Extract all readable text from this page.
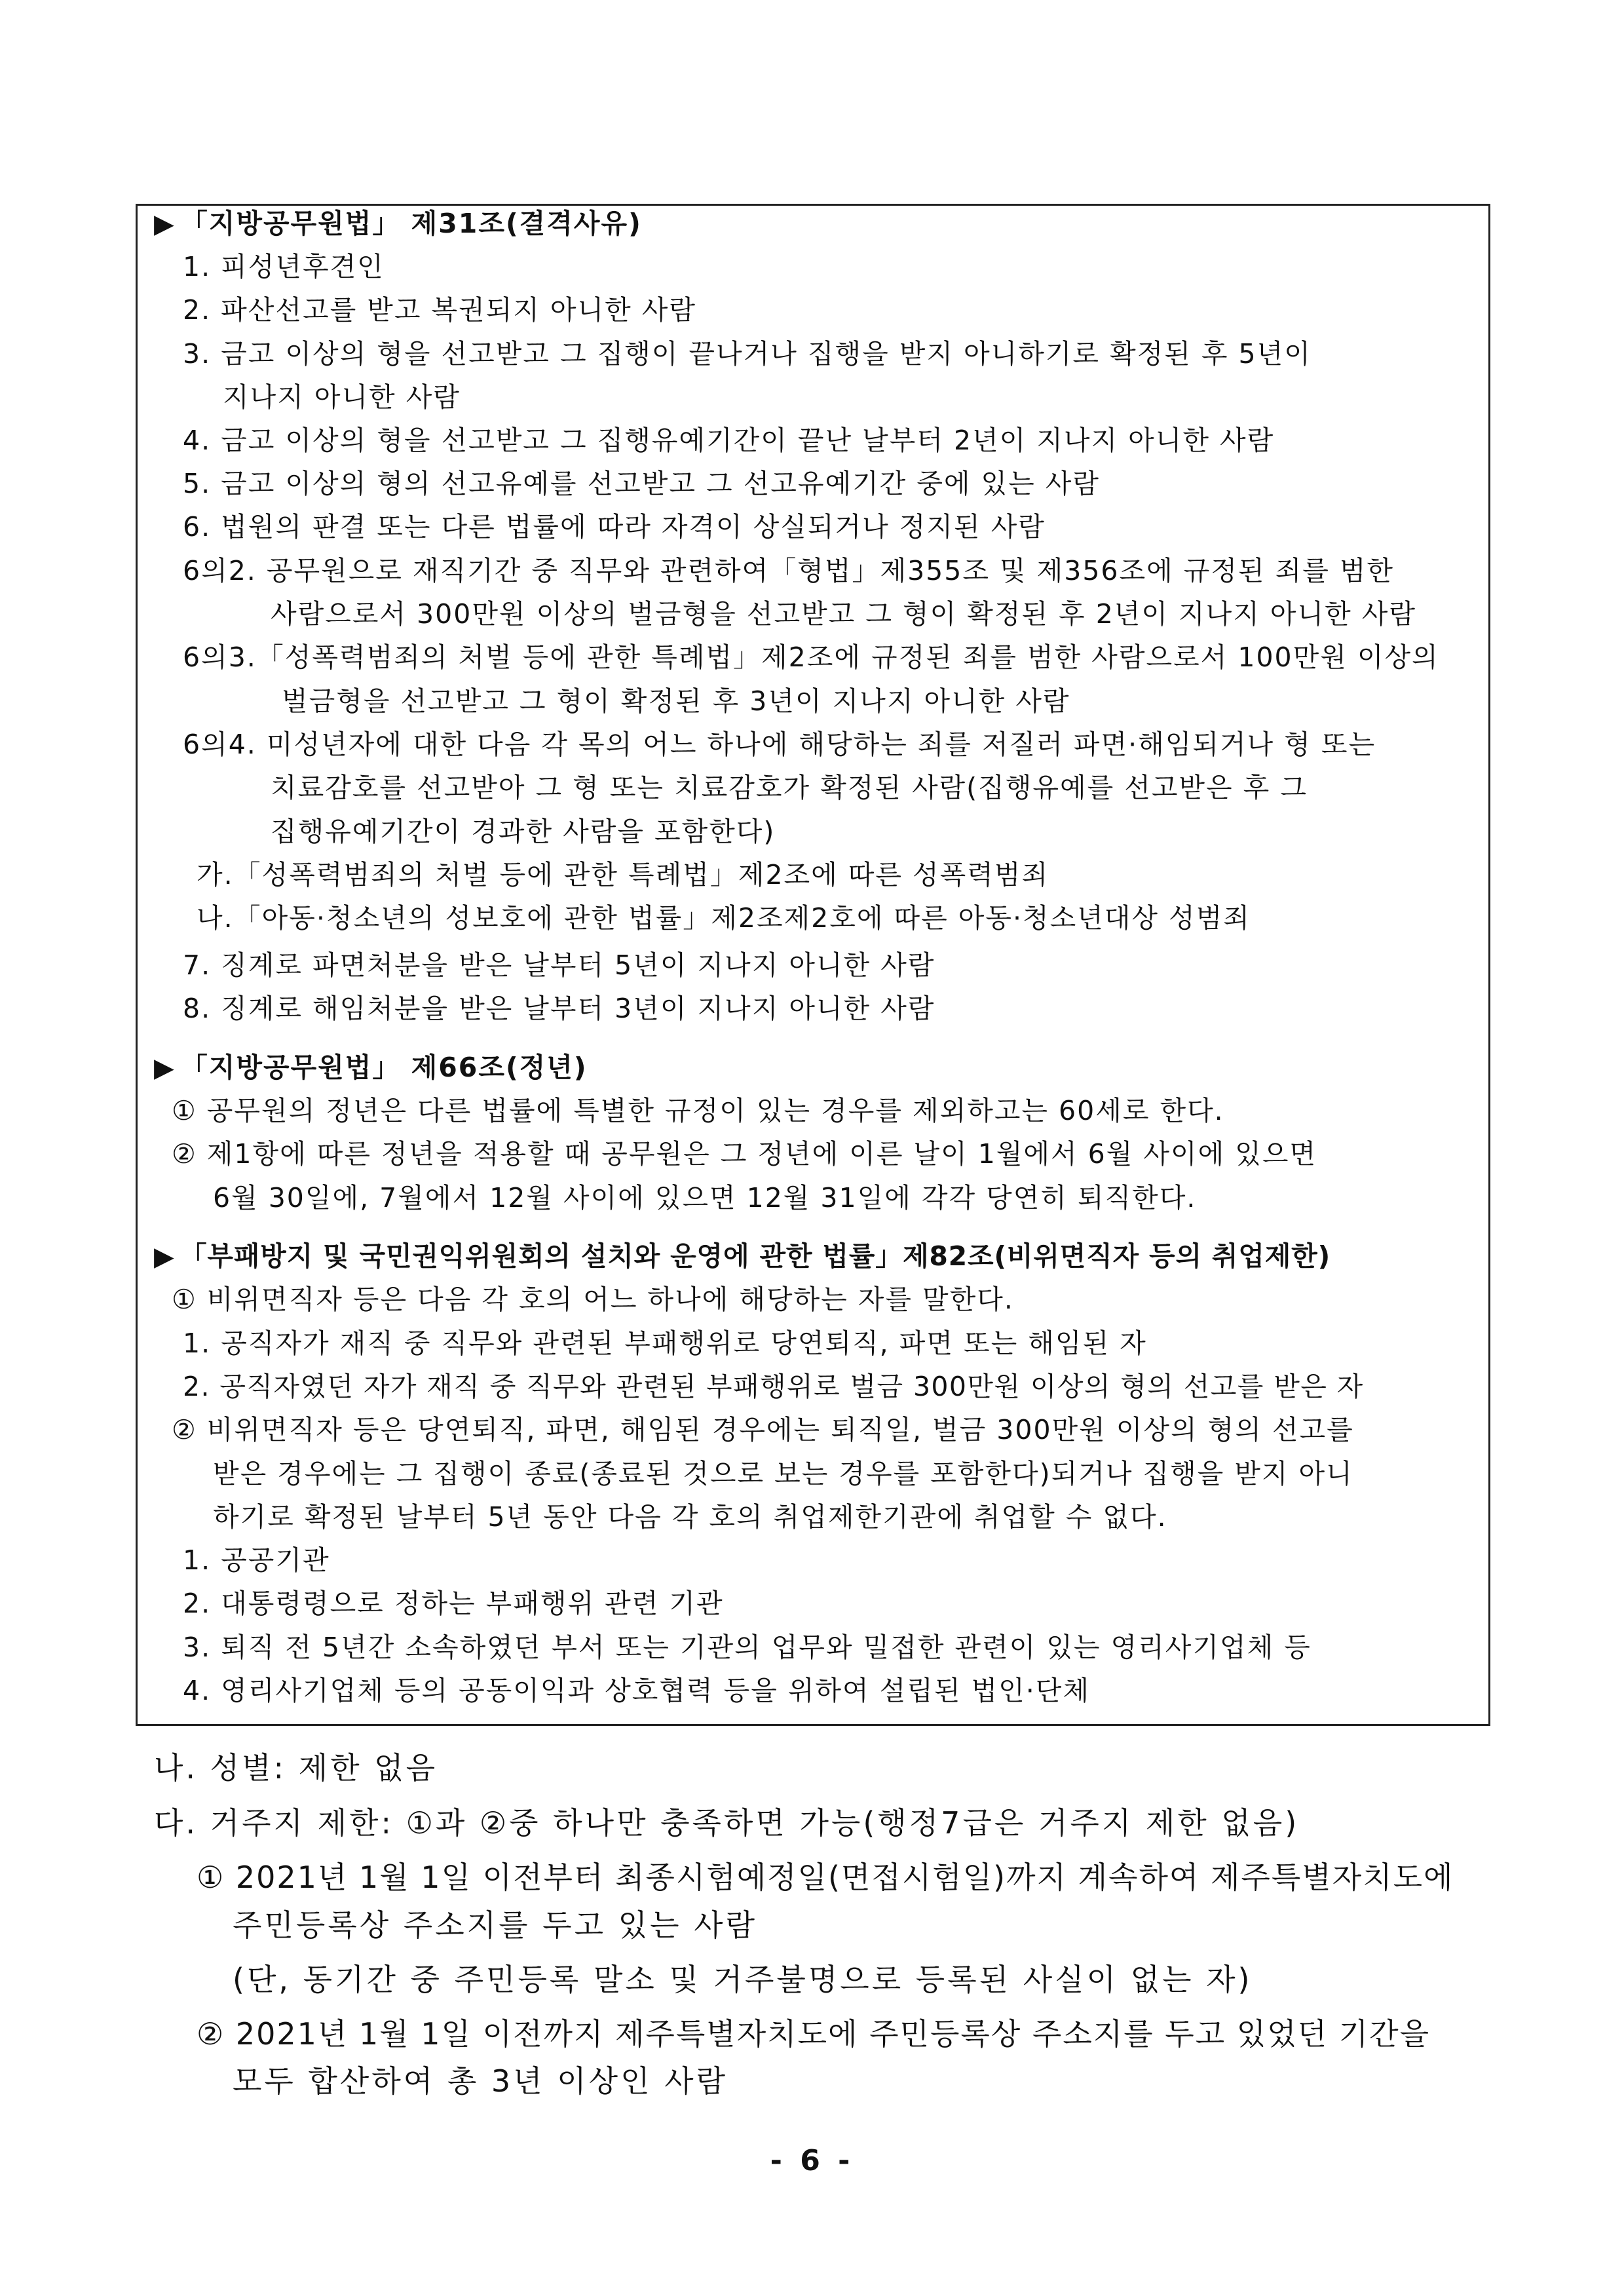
▶ 「지방공무원법」 제31조(결격사유)
1. 피성년후견인
2. 파산선고를 받고 복권되지 아니한 사람
3. 금고 이상의 형을 선고받고 그 집행이 끝나거나 집행을 받지 아니하기로 확정된 후 5년이
지나지 아니한 사람
4. 금고 이상의 형을 선고받고 그 집행유예기간이 끝난 날부터 2년이 지나지 아니한 사람
5. 금고 이상의 형의 선고유예를 선고받고 그 선고유예기간 중에 있는 사람
6. 법원의 판결 또는 다른 법률에 따라 자격이 상실되거나 정지된 사람
6의2. 공무원으로 재직기간 중 직무와 관련하여「형법」제355조 및 제356조에 규정된 죄를 범한
사람으로서 300만원 이상의 벌금형을 선고받고 그 형이 확정된 후 2년이 지나지 아니한 사람
6의3.「성폭력범죄의 처벌 등에 관한 특례법」제2조에 규정된 죄를 범한 사람으로서 100만원 이상의
벌금형을 선고받고 그 형이 확정된 후 3년이 지나지 아니한 사람
6의4. 미성년자에 대한 다음 각 목의 어느 하나에 해당하는 죄를 저질러 파면·해임되거나 형 또는
치료감호를 선고받아 그 형 또는 치료감호가 확정된 사람(집행유예를 선고받은 후 그
집행유예기간이 경과한 사람을 포함한다)
가.「성폭력범죄의 처벌 등에 관한 특례법」제2조에 따른 성폭력범죄
나.「아동·청소년의 성보호에 관한 법률」제2조제2호에 따른 아동·청소년대상 성범죄
7. 징계로 파면처분을 받은 날부터 5년이 지나지 아니한 사람
8. 징계로 해임처분을 받은 날부터 3년이 지나지 아니한 사람
▶ 「지방공무원법」 제66조(정년)
① 공무원의 정년은 다른 법률에 특별한 규정이 있는 경우를 제외하고는 60세로 한다.
② 제1항에 따른 정년을 적용할 때 공무원은 그 정년에 이른 날이 1월에서 6월 사이에 있으면
6월 30일에, 7월에서 12월 사이에 있으면 12월 31일에 각각 당연히 퇴직한다.
▶ 「부패방지 및 국민권익위원회의 설치와 운영에 관한 법률」제82조(비위면직자 등의 취업제한)
① 비위면직자 등은 다음 각 호의 어느 하나에 해당하는 자를 말한다.
1. 공직자가 재직 중 직무와 관련된 부패행위로 당연퇴직, 파면 또는 해임된 자
2. 공직자였던 자가 재직 중 직무와 관련된 부패행위로 벌금 300만원 이상의 형의 선고를 받은 자
② 비위면직자 등은 당연퇴직, 파면, 해임된 경우에는 퇴직일, 벌금 300만원 이상의 형의 선고를
받은 경우에는 그 집행이 종료(종료된 것으로 보는 경우를 포함한다)되거나 집행을 받지 아니
하기로 확정된 날부터 5년 동안 다음 각 호의 취업제한기관에 취업할 수 없다.
1. 공공기관
2. 대통령령으로 정하는 부패행위 관련 기관
3. 퇴직 전 5년간 소속하였던 부서 또는 기관의 업무와 밀접한 관련이 있는 영리사기업체 등
4. 영리사기업체 등의 공동이익과 상호협력 등을 위하여 설립된 법인·단체
나. 성별: 제한 없음
다. 거주지 제한: ①과 ②중 하나만 충족하면 가능(행정7급은 거주지 제한 없음)
① 2021년 1월 1일 이전부터 최종시험예정일(면접시험일)까지 계속하여 제주특별자치도에
주민등록상 주소지를 두고 있는 사람
(단, 동기간 중 주민등록 말소 및 거주불명으로 등록된 사실이 없는 자)
② 2021년 1월 1일 이전까지 제주특별자치도에 주민등록상 주소지를 두고 있었던 기간을
모두 합산하여 총 3년 이상인 사람
- 6 -
